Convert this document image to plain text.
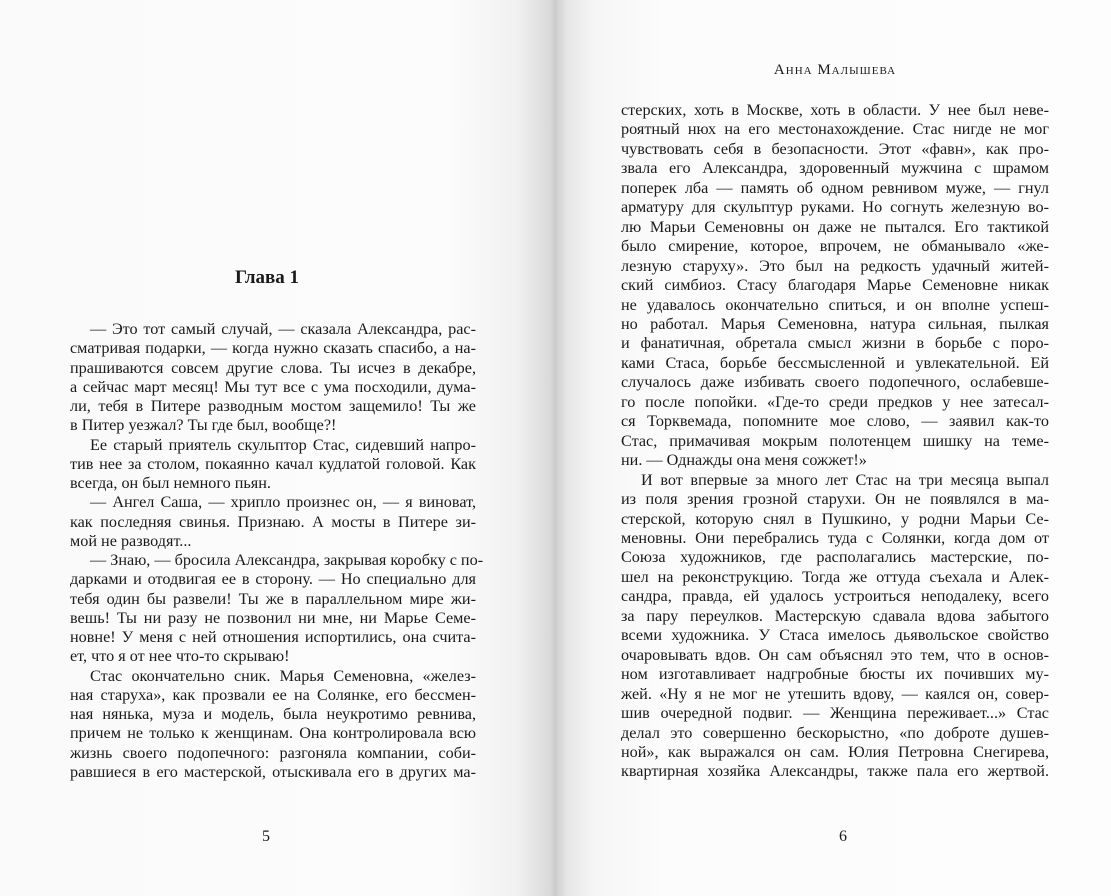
Глава 1
— Это тот самый случай, — сказала Александра, рас-
сматривая подарки, — когда нужно сказать спасибо, а на-
прашиваются совсем другие слова. Ты исчез в декабре,
а сейчас март месяц! Мы тут все с ума посходили, дума-
ли, тебя в Питере разводным мостом защемило! Ты же
в Питер уезжал? Ты где был, вообще?!
Ее старый приятель скульптор Стас, сидевший напро-
тив нее за столом, покаянно качал кудлатой головой. Как
всегда, он был немного пьян.
— Ангел Саша, — хрипло произнес он, — я виноват,
как последняя свинья. Признаю. А мосты в Питере зи-
мой не разводят...
— Знаю, — бросила Александра, закрывая коробку с по-
дарками и отодвигая ее в сторону. — Но специально для
тебя один бы развели! Ты же в параллельном мире жи-
вешь! Ты ни разу не позвонил ни мне, ни Марье Семе-
новне! У меня с ней отношения испортились, она счита-
ет, что я от нее что-то скрываю!
Стас окончательно сник. Марья Семеновна, «желез-
ная старуха», как прозвали ее на Солянке, его бессмен-
ная нянька, муза и модель, была неукротимо ревнива,
причем не только к женщинам. Она контролировала всю
жизнь своего подопечного: разгоняла компании, соби-
равшиеся в его мастерской, отыскивала его в других ма-
5
Анна Малышева
стерских, хоть в Москве, хоть в области. У нее был неве-
роятный нюх на его местонахождение. Стас нигде не мог
чувствовать себя в безопасности. Этот «фавн», как про-
звала его Александра, здоровенный мужчина с шрамом
поперек лба — память об одном ревнивом муже, — гнул
арматуру для скульптур руками. Но согнуть железную во-
лю Марьи Семеновны он даже не пытался. Его тактикой
было смирение, которое, впрочем, не обманывало «же-
лезную старуху». Это был на редкость удачный житей-
ский симбиоз. Стасу благодаря Марье Семеновне никак
не удавалось окончательно спиться, и он вполне успеш-
но работал. Марья Семеновна, натура сильная, пылкая
и фанатичная, обретала смысл жизни в борьбе с поро-
ками Стаса, борьбе бессмысленной и увлекательной. Ей
случалось даже избивать своего подопечного, ослабевше-
го после попойки. «Где-то среди предков у нее затесал-
ся Торквемада, попомните мое слово, — заявил как-то
Стас, примачивая мокрым полотенцем шишку на теме-
ни. — Однажды она меня сожжет!»
И вот впервые за много лет Стас на три месяца выпал
из поля зрения грозной старухи. Он не появлялся в ма-
стерской, которую снял в Пушкино, у родни Марьи Се-
меновны. Они перебрались туда с Солянки, когда дом от
Союза художников, где располагались мастерские, по-
шел на реконструкцию. Тогда же оттуда съехала и Алек-
сандра, правда, ей удалось устроиться неподалеку, всего
за пару переулков. Мастерскую сдавала вдова забытого
всеми художника. У Стаса имелось дьявольское свойство
очаровывать вдов. Он сам объяснял это тем, что в основ-
ном изготавливает надгробные бюсты их почивших му-
жей. «Ну я не мог не утешить вдову, — каялся он, совер-
шив очередной подвиг. — Женщина переживает...» Стас
делал это совершенно бескорыстно, «по доброте душев-
ной», как выражался он сам. Юлия Петровна Снегирева,
квартирная хозяйка Александры, также пала его жертвой.
6
